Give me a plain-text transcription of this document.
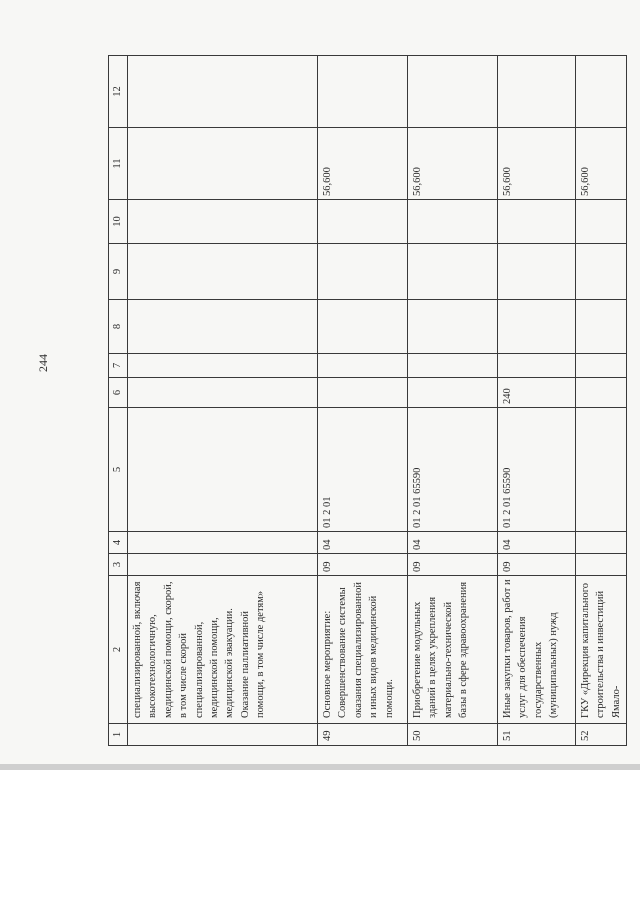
244
1	2	3	4	5	6	7	8	9	10	11	12
	специализированной, включая высокотехнологичную, медицинской помощи, скорой, в том числе скорой специализированной, медицинской помощи, медицинской эвакуации. Оказание паллиативной помощи, в том числе детям»										
49	Основное мероприятие: Совершенствование системы оказания специализированной и иных видов медицинской помощи.	09	04	01 2 01						56,600	
50	Приобретение модульных зданий в целях укрепления материально-технической базы в сфере здравоохранения	09	04	01 2 01 65590						56,600	
51	Иные закупки товаров, работ и услуг для обеспечения государственных (муниципальных) нужд	09	04	01 2 01 65590	240					56,600	
52	ГКУ «Дирекция капитального строительства и инвестиций Ямало-									56,600	
